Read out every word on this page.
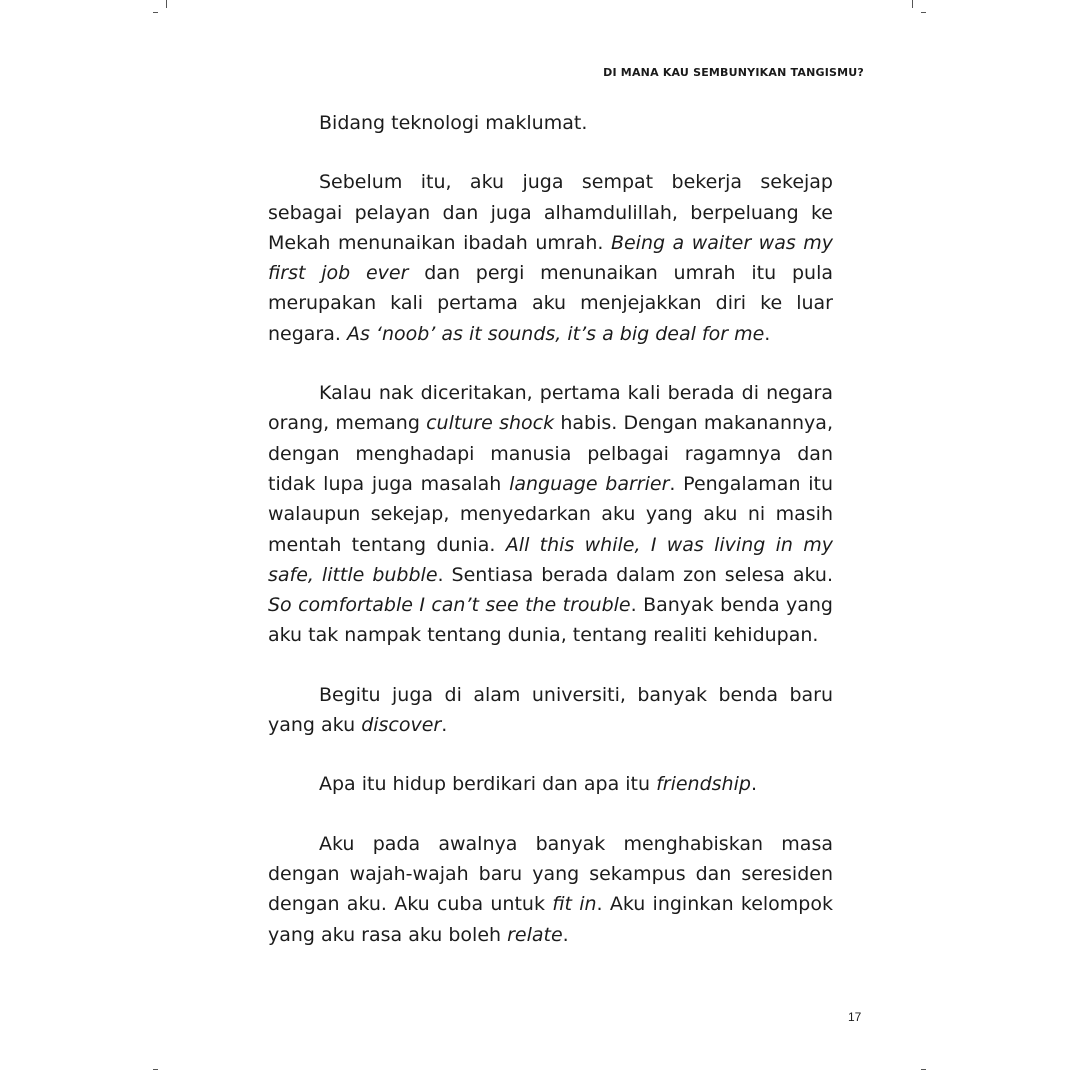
DI MANA KAU SEMBUNYIKAN TANGISMU?

Bidang teknologi maklumat.

Sebelum itu, aku juga sempat bekerja sekejap sebagai pelayan dan juga alhamdulillah, berpeluang ke Mekah menunaikan ibadah umrah. Being a waiter was my first job ever dan pergi menunaikan umrah itu pula merupakan kali pertama aku menjejakkan diri ke luar negara. As ‘noob’ as it sounds, it’s a big deal for me.

Kalau nak diceritakan, pertama kali berada di negara orang, memang culture shock habis. Dengan makanannya, dengan menghadapi manusia pelbagai ragamnya dan tidak lupa juga masalah language barrier. Pengalaman itu walaupun sekejap, menyedarkan aku yang aku ni masih mentah tentang dunia. All this while, I was living in my safe, little bubble. Sentiasa berada dalam zon selesa aku. So comfortable I can’t see the trouble. Banyak benda yang aku tak nampak tentang dunia, tentang realiti kehidupan.

Begitu juga di alam universiti, banyak benda baru yang aku discover.

Apa itu hidup berdikari dan apa itu friendship.

Aku pada awalnya banyak menghabiskan masa dengan wajah-wajah baru yang sekampus dan seresiden dengan aku. Aku cuba untuk fit in. Aku inginkan kelompok yang aku rasa aku boleh relate.

17
